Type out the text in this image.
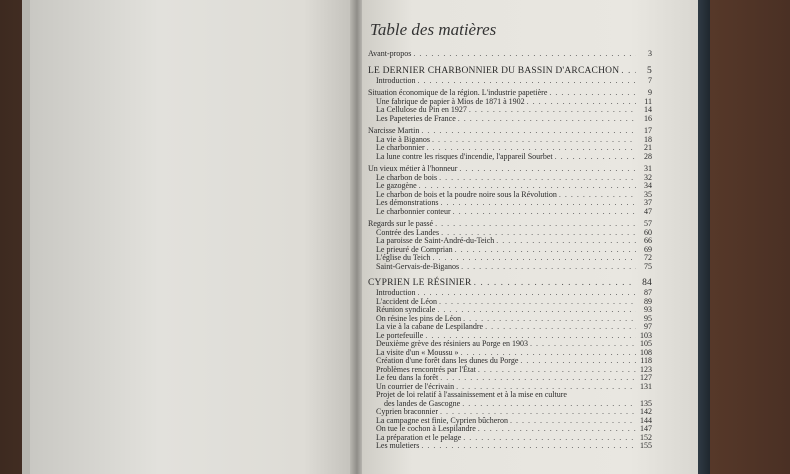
Table des matières
Avant-propos . . .	3
LE DERNIER CHARBONNIER DU BASSIN D'ARCACHON . . .	5
Introduction . . .	7
Situation économique de la région. L'industrie papetière . . .	9
Une fabrique de papier à Mios de 1871 à 1902 . . .	11
La Cellulose du Pin en 1927 . . .	14
Les Papeteries de France . . .	16
Narcisse Martin . . .	17
La vie à Biganos . . .	18
Le charbonnier . . .	21
La lune contre les risques d'incendie, l'appareil Sourbet . . .	28
Un vieux métier à l'honneur . . .	31
Le charbon de bois . . .	32
Le gazogène . . .	34
Le charbon de bois et la poudre noire sous la Révolution . . .	35
Les démonstrations . . .	37
Le charbonnier conteur . . .	47
Regards sur le passé . . .	57
Contrée des Landes . . .	60
La paroisse de Saint-André-du-Teich . . .	66
Le prieuré de Comprian . . .	69
L'église du Teich . . .	72
Saint-Gervais-de-Biganos . . .	75
CYPRIEN LE RÉSINIER . . .	84
Introduction . . .	87
L'accident de Léon . . .	89
Réunion syndicale . . .	93
On résine les pins de Léon . . .	95
La vie à la cabane de Lespilandre . . .	97
Le portefeuille . . .	103
Deuxième grève des résiniers au Porge en 1903 . . .	105
La visite d'un « Moussu » . . .	108
Création d'une forêt dans les dunes du Porge . . .	118
Problèmes rencontrés par l'État . . .	123
Le feu dans la forêt . . .	127
Un courrier de l'écrivain . . .	131
Projet de loi relatif à l'assainissement et à la mise en culture
des landes de Gascogne . . .	135
Cyprien braconnier . . .	142
La campagne est finie, Cyprien bûcheron . . .	144
On tue le cochon à Lespilandre . . .	147
La préparation et le pelage . . .	152
Les muletiers . . .	155
